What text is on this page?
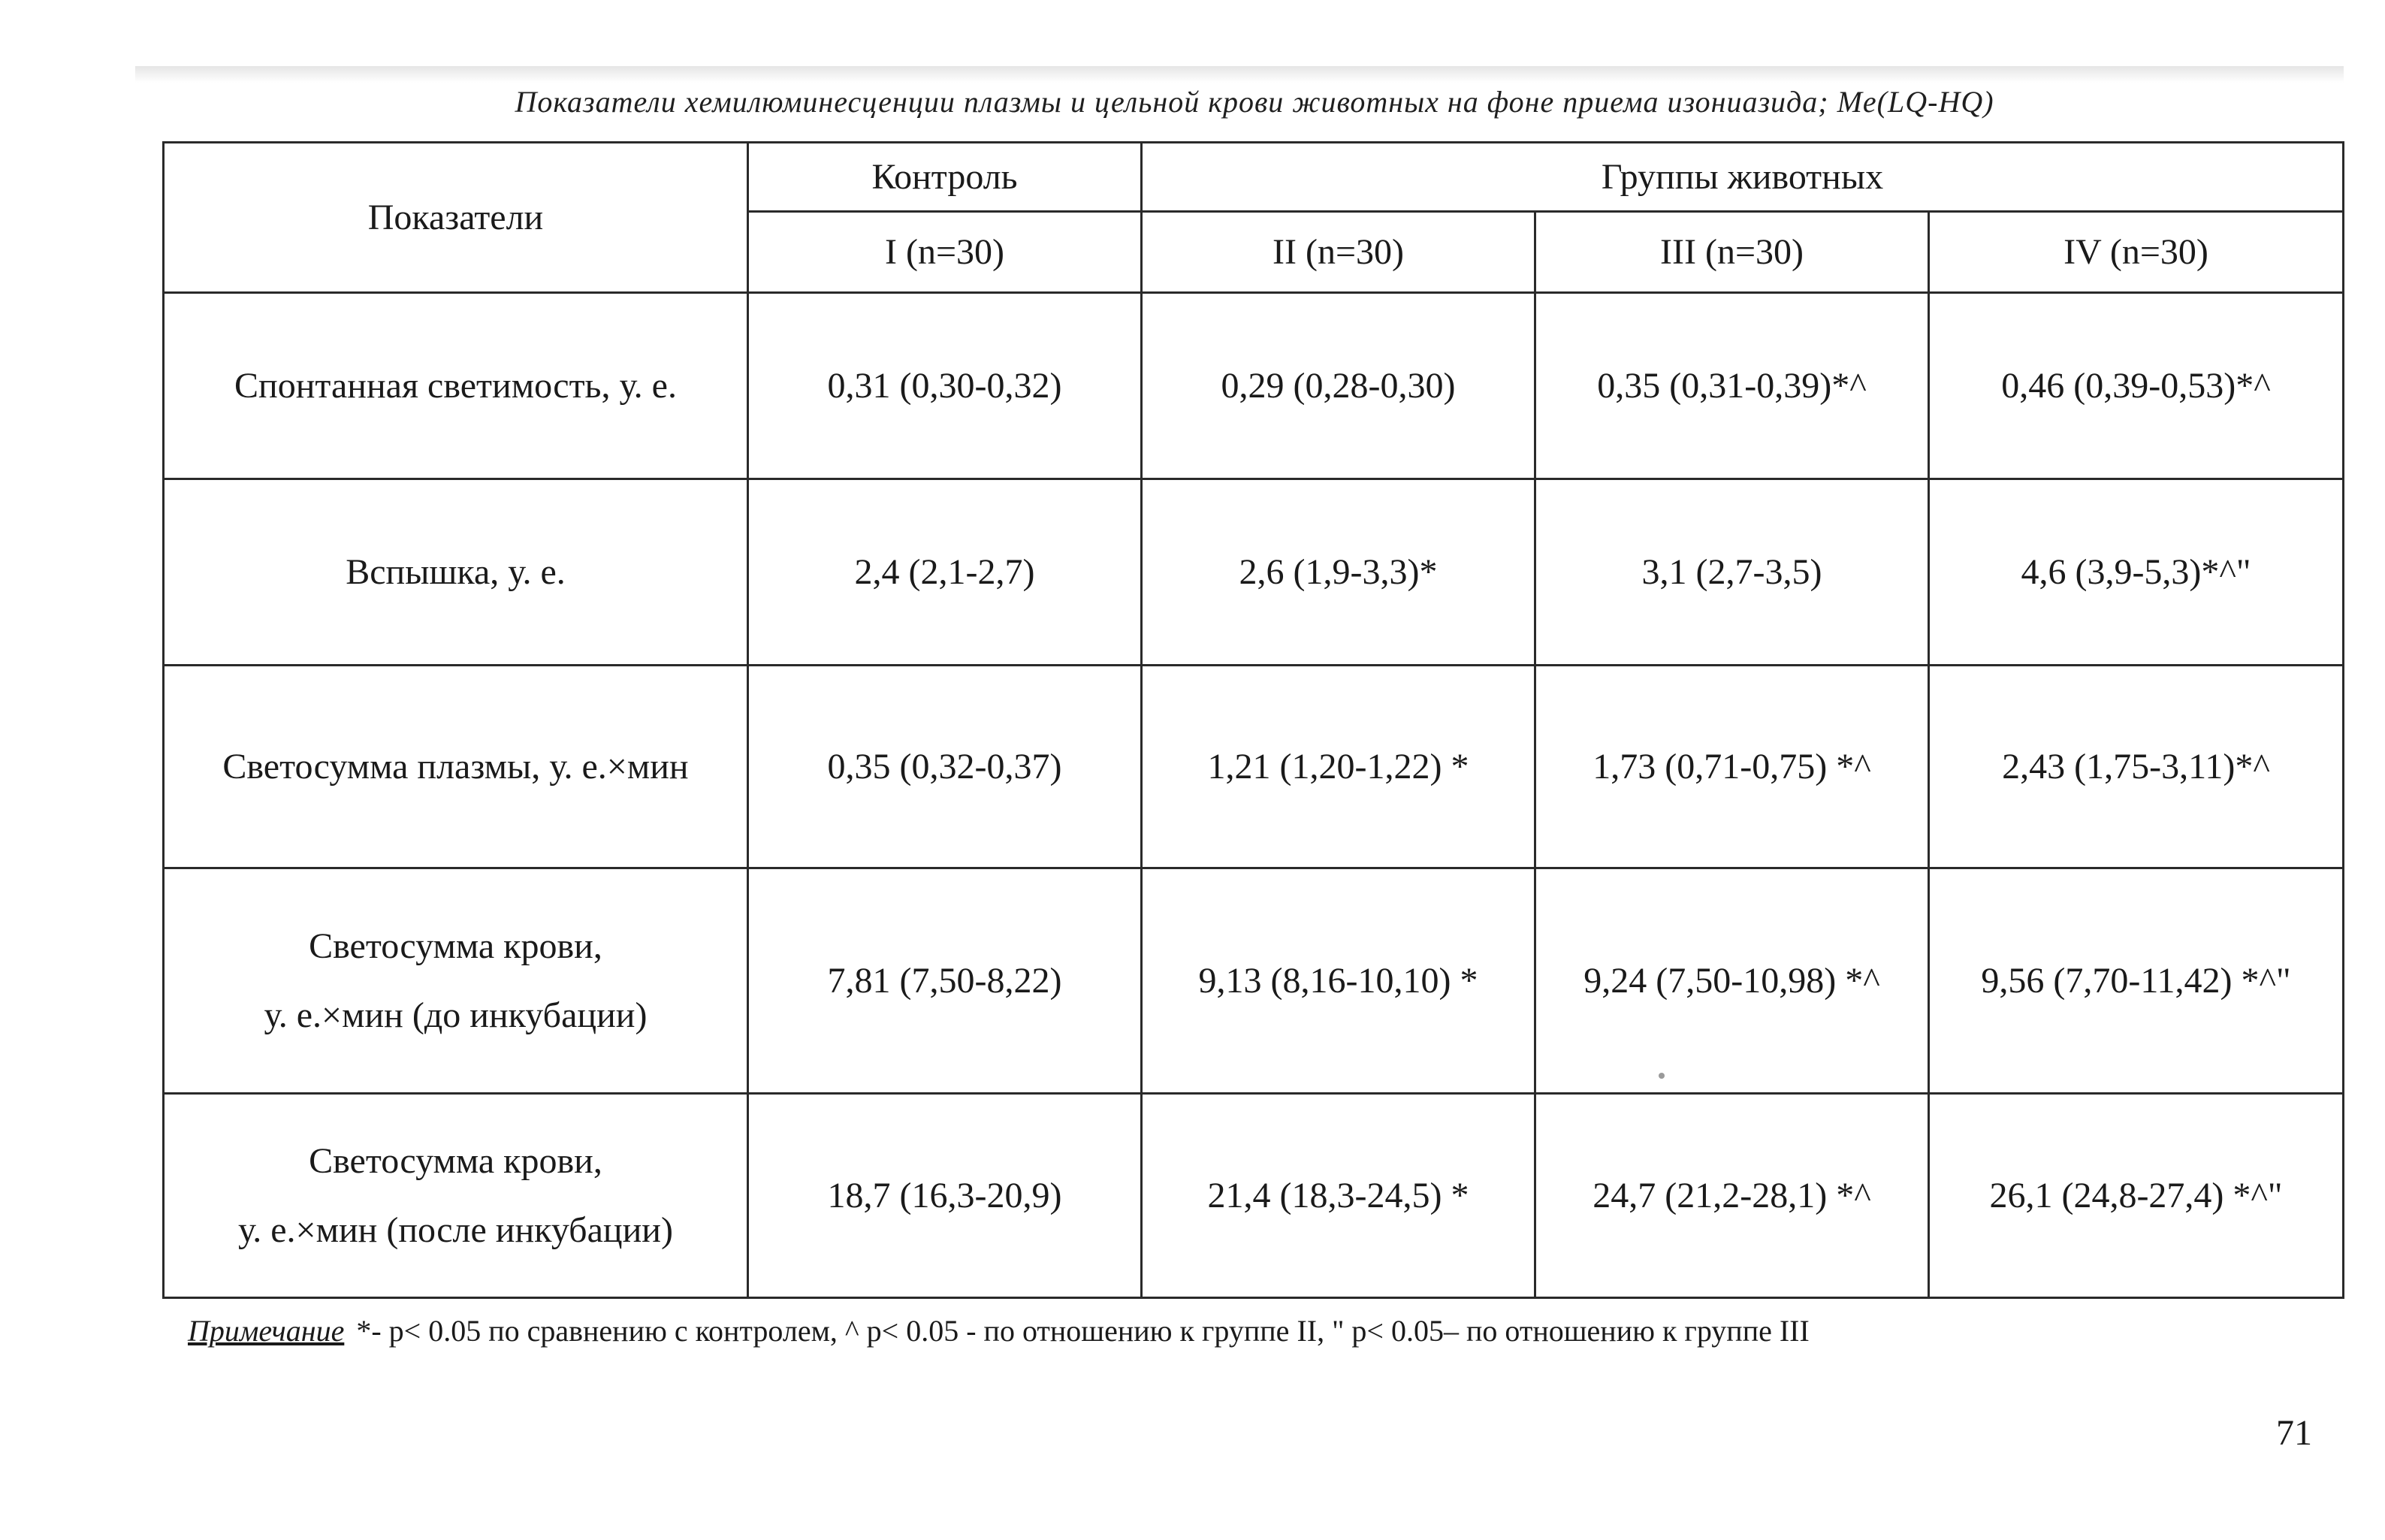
Показатели хемилюминесценции плазмы и цельной крови животных на фоне приема изониазида; Me(LQ-HQ)
Показатели	Контроль	Группы животных		
	I (n=30)	II (n=30)	III (n=30)	IV (n=30)
Спонтанная светимость, у. е.	0,31 (0,30-0,32)	0,29 (0,28-0,30)	0,35 (0,31-0,39)*^	0,46 (0,39-0,53)*^
Вспышка, у. е.	2,4 (2,1-2,7)	2,6 (1,9-3,3)*	3,1 (2,7-3,5)	4,6 (3,9-5,3)*^"
Светосумма плазмы, у. е.×мин	0,35 (0,32-0,37)	1,21 (1,20-1,22) *	1,73 (0,71-0,75) *^	2,43 (1,75-3,11)*^

Светосумма крови,
у. е.×мин (до инкубации)	7,81 (7,50-8,22)	9,13 (8,16-10,10) *	9,24 (7,50-10,98) *^	9,56 (7,70-11,42) *^"

Светосумма крови,
у. е.×мин (после инкубации)	18,7 (16,3-20,9)	21,4 (18,3-24,5) *	24,7 (21,2-28,1) *^	26,1 (24,8-27,4) *^"
Примечание *- p< 0.05 по сравнению с контролем, ^ p< 0.05 - по отношению к группе II, " p< 0.05– по отношению к группе III
71
